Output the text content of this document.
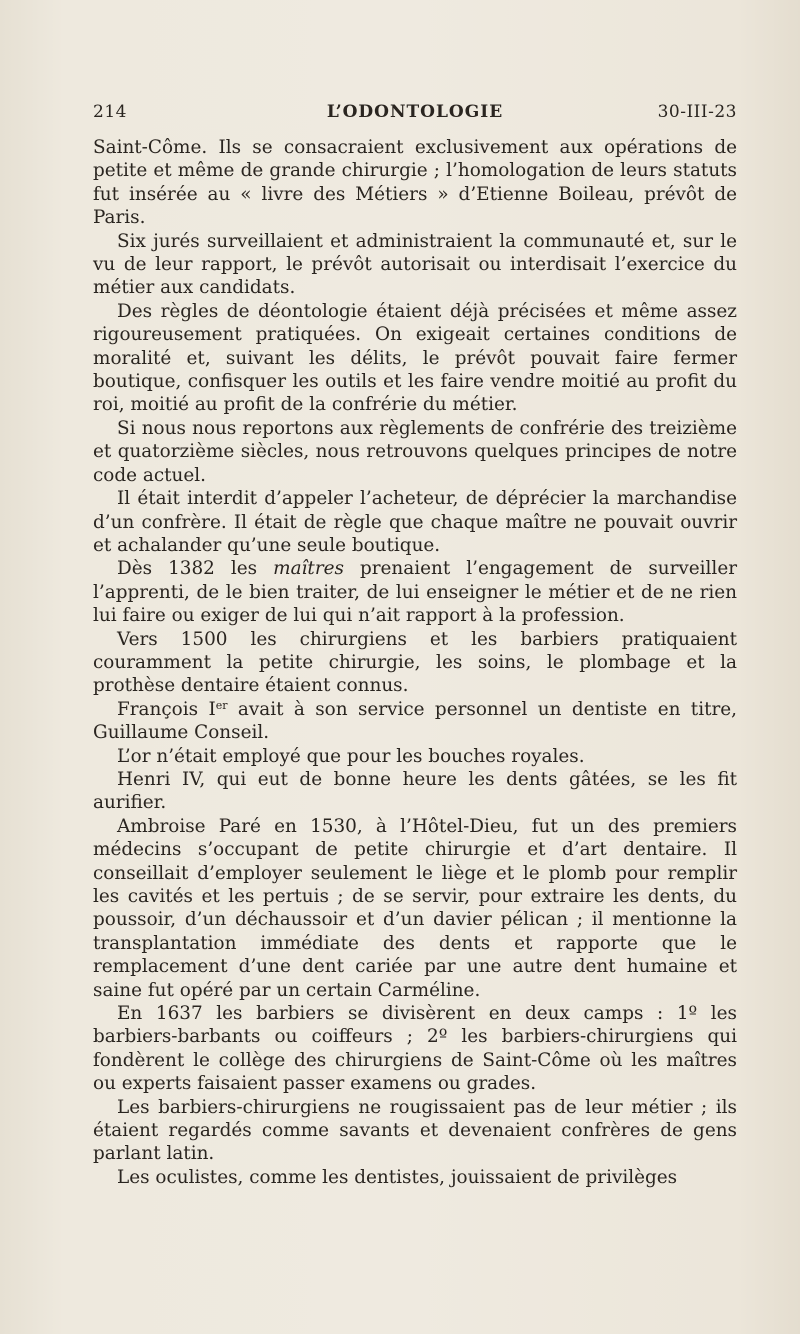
214	L’ODONTOLOGIE	30-III-23

Saint-Côme. Ils se consacraient exclusivement aux opérations de petite et même de grande chirurgie ; l’homologation de leurs statuts fut insérée au « livre des Métiers » d’Etienne Boileau, prévôt de Paris.

Six jurés surveillaient et administraient la communauté et, sur le vu de leur rapport, le prévôt autorisait ou interdisait l’exercice du métier aux candidats.

Des règles de déontologie étaient déjà précisées et même assez rigoureusement pratiquées. On exigeait certaines conditions de moralité et, suivant les délits, le prévôt pouvait faire fermer boutique, confisquer les outils et les faire vendre moitié au profit du roi, moitié au profit de la confrérie du métier.

Si nous nous reportons aux règlements de confrérie des treizième et quatorzième siècles, nous retrouvons quelques principes de notre code actuel.

Il était interdit d’appeler l’acheteur, de déprécier la marchandise d’un confrère. Il était de règle que chaque maître ne pouvait ouvrir et achalander qu’une seule boutique.

Dès 1382 les maîtres prenaient l’engagement de surveiller l’apprenti, de le bien traiter, de lui enseigner le métier et de ne rien lui faire ou exiger de lui qui n’ait rapport à la profession.

Vers 1500 les chirurgiens et les barbiers pratiquaient couramment la petite chirurgie, les soins, le plombage et la prothèse dentaire étaient connus.

François Ier avait à son service personnel un dentiste en titre, Guillaume Conseil.

L’or n’était employé que pour les bouches royales.

Henri IV, qui eut de bonne heure les dents gâtées, se les fit aurifier.

Ambroise Paré en 1530, à l’Hôtel-Dieu, fut un des premiers médecins s’occupant de petite chirurgie et d’art dentaire. Il conseillait d’employer seulement le liège et le plomb pour remplir les cavités et les pertuis ; de se servir, pour extraire les dents, du poussoir, d’un déchaussoir et d’un davier pélican ; il mentionne la transplantation immédiate des dents et rapporte que le remplacement d’une dent cariée par une autre dent humaine et saine fut opéré par un certain Carméline.

En 1637 les barbiers se divisèrent en deux camps : 1º les barbiers-barbants ou coiffeurs ; 2º les barbiers-chirurgiens qui fondèrent le collège des chirurgiens de Saint-Côme où les maîtres ou experts faisaient passer examens ou grades.

Les barbiers-chirurgiens ne rougissaient pas de leur métier ; ils étaient regardés comme savants et devenaient confrères de gens parlant latin.

Les oculistes, comme les dentistes, jouissaient de privilèges
